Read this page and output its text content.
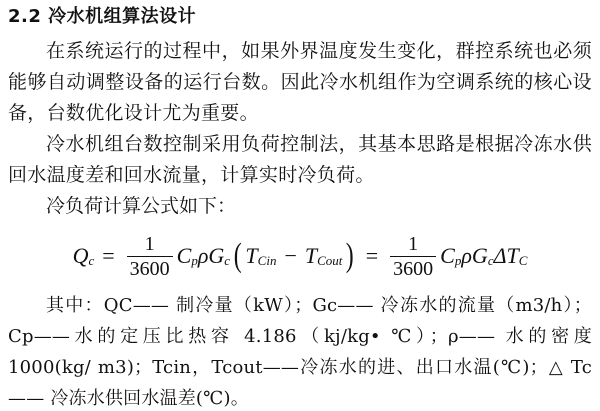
2.2 冷水机组算法设计

在系统运行的过程中，如果外界温度发生变化，群控系统也必须能够自动调整设备的运行台数。因此冷水机组作为空调系统的核心设备，台数优化设计尤为重要。

冷水机组台数控制采用负荷控制法，其基本思路是根据冷冻水供回水温度差和回水流量，计算实时冷负荷。

冷负荷计算公式如下：

Q $c = \frac{1}{3600}$ C p ρ G c ( T Cin − T Cout ) = $\frac{1}{3600}$ C p ρ G c ΔT C

其中：QC—— 制冷量（kW）；Gc—— 冷冻水的流量（m3/h）；Cp——水的定压比热容 4.186（kj/kg• ℃）；ρ—— 水的密度 1000(kg/ m3)；Tcin，Tcout——冷冻水的进、出口水温(℃)；△ Tc —— 冷冻水供回水温差(℃)。
